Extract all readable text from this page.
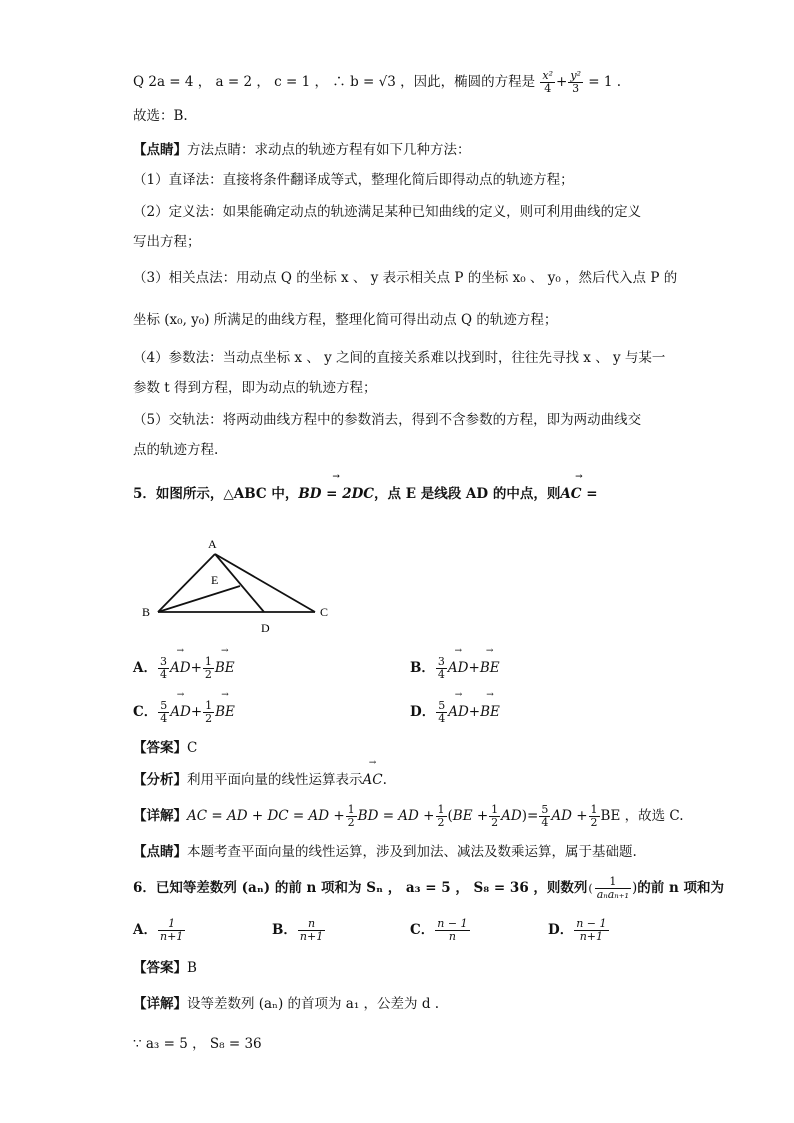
Q 2a = 4 ， a = 2 ， c = 1 ， ∴ b = √3 ，因此，椭圆的方程是 $\frac{\text{x²}}{4} + \frac{\text{y²}}{3} = 1$ .
故选：B.
【点睛】方法点睛：求动点的轨迹方程有如下几种方法：
（1）直译法：直接将条件翻译成等式，整理化简后即得动点的轨迹方程；
（2）定义法：如果能确定动点的轨迹满足某种已知曲线的定义，则可利用曲线的定义
写出方程；
（3）相关点法：用动点 Q 的坐标 x 、 y 表示相关点 P 的坐标 x₀ 、 y₀ ，然后代入点 P 的
坐标 (x₀, y₀) 所满足的曲线方程，整理化简可得出动点 Q 的轨迹方程；
（4）参数法：当动点坐标 x 、 y 之间的直接关系难以找到时，往往先寻找 x 、 y 与某一
参数 t 得到方程，即为动点的轨迹方程；
（5）交轨法：将两动曲线方程中的参数消去，得到不含参数的方程，即为两动曲线交
点的轨迹方程.
5．如图所示，△ABC 中，→ BD = 2DC，点 E 是线段 AD 的中点，则→ AC =
A
E
B	C
D
A． $\frac{3}{4}$
→ $AD+ \frac{1}{2}$
→ BE	B． $\frac{3}{4}$
→ AD+→ BE
C． $\frac{5}{4}$
→ $AD+ \frac{1}{2}$
→ BE	D． $\frac{5}{4}$
→ AD+→ BE
【答案】C
【分析】利用平面向量的线性运算表示→ AC.
【详解】AC = AD + DC = AD + $\frac{1}{2}$ BD = AD + $\frac{1}{2} (BE + \frac{1}{2} AD)= \frac{5}{4}$ AD + $\frac{1}{2}$ BE ，故选 C.
【点睛】本题考查平面向量的线性运算，涉及到加法、减法及数乘运算，属于基础题.
6．已知等差数列 (aₙ) 的前 n 项和为 Sₙ ， a₃ = 5 ， S₈ = 36 ，则数列(	1
aₙaₙ₊₁ )的前 n 项和为
A． $\frac{1}{n+1}$	B． $\frac{n}{n+1}$	C． $\frac{n - 1}{n}$	D． $\frac{n - 1}{n+1}$
【答案】B
【详解】设等差数列 (aₙ) 的首项为 a₁ ，公差为 d .
∵ a₃ = 5 ， S₈ = 36
